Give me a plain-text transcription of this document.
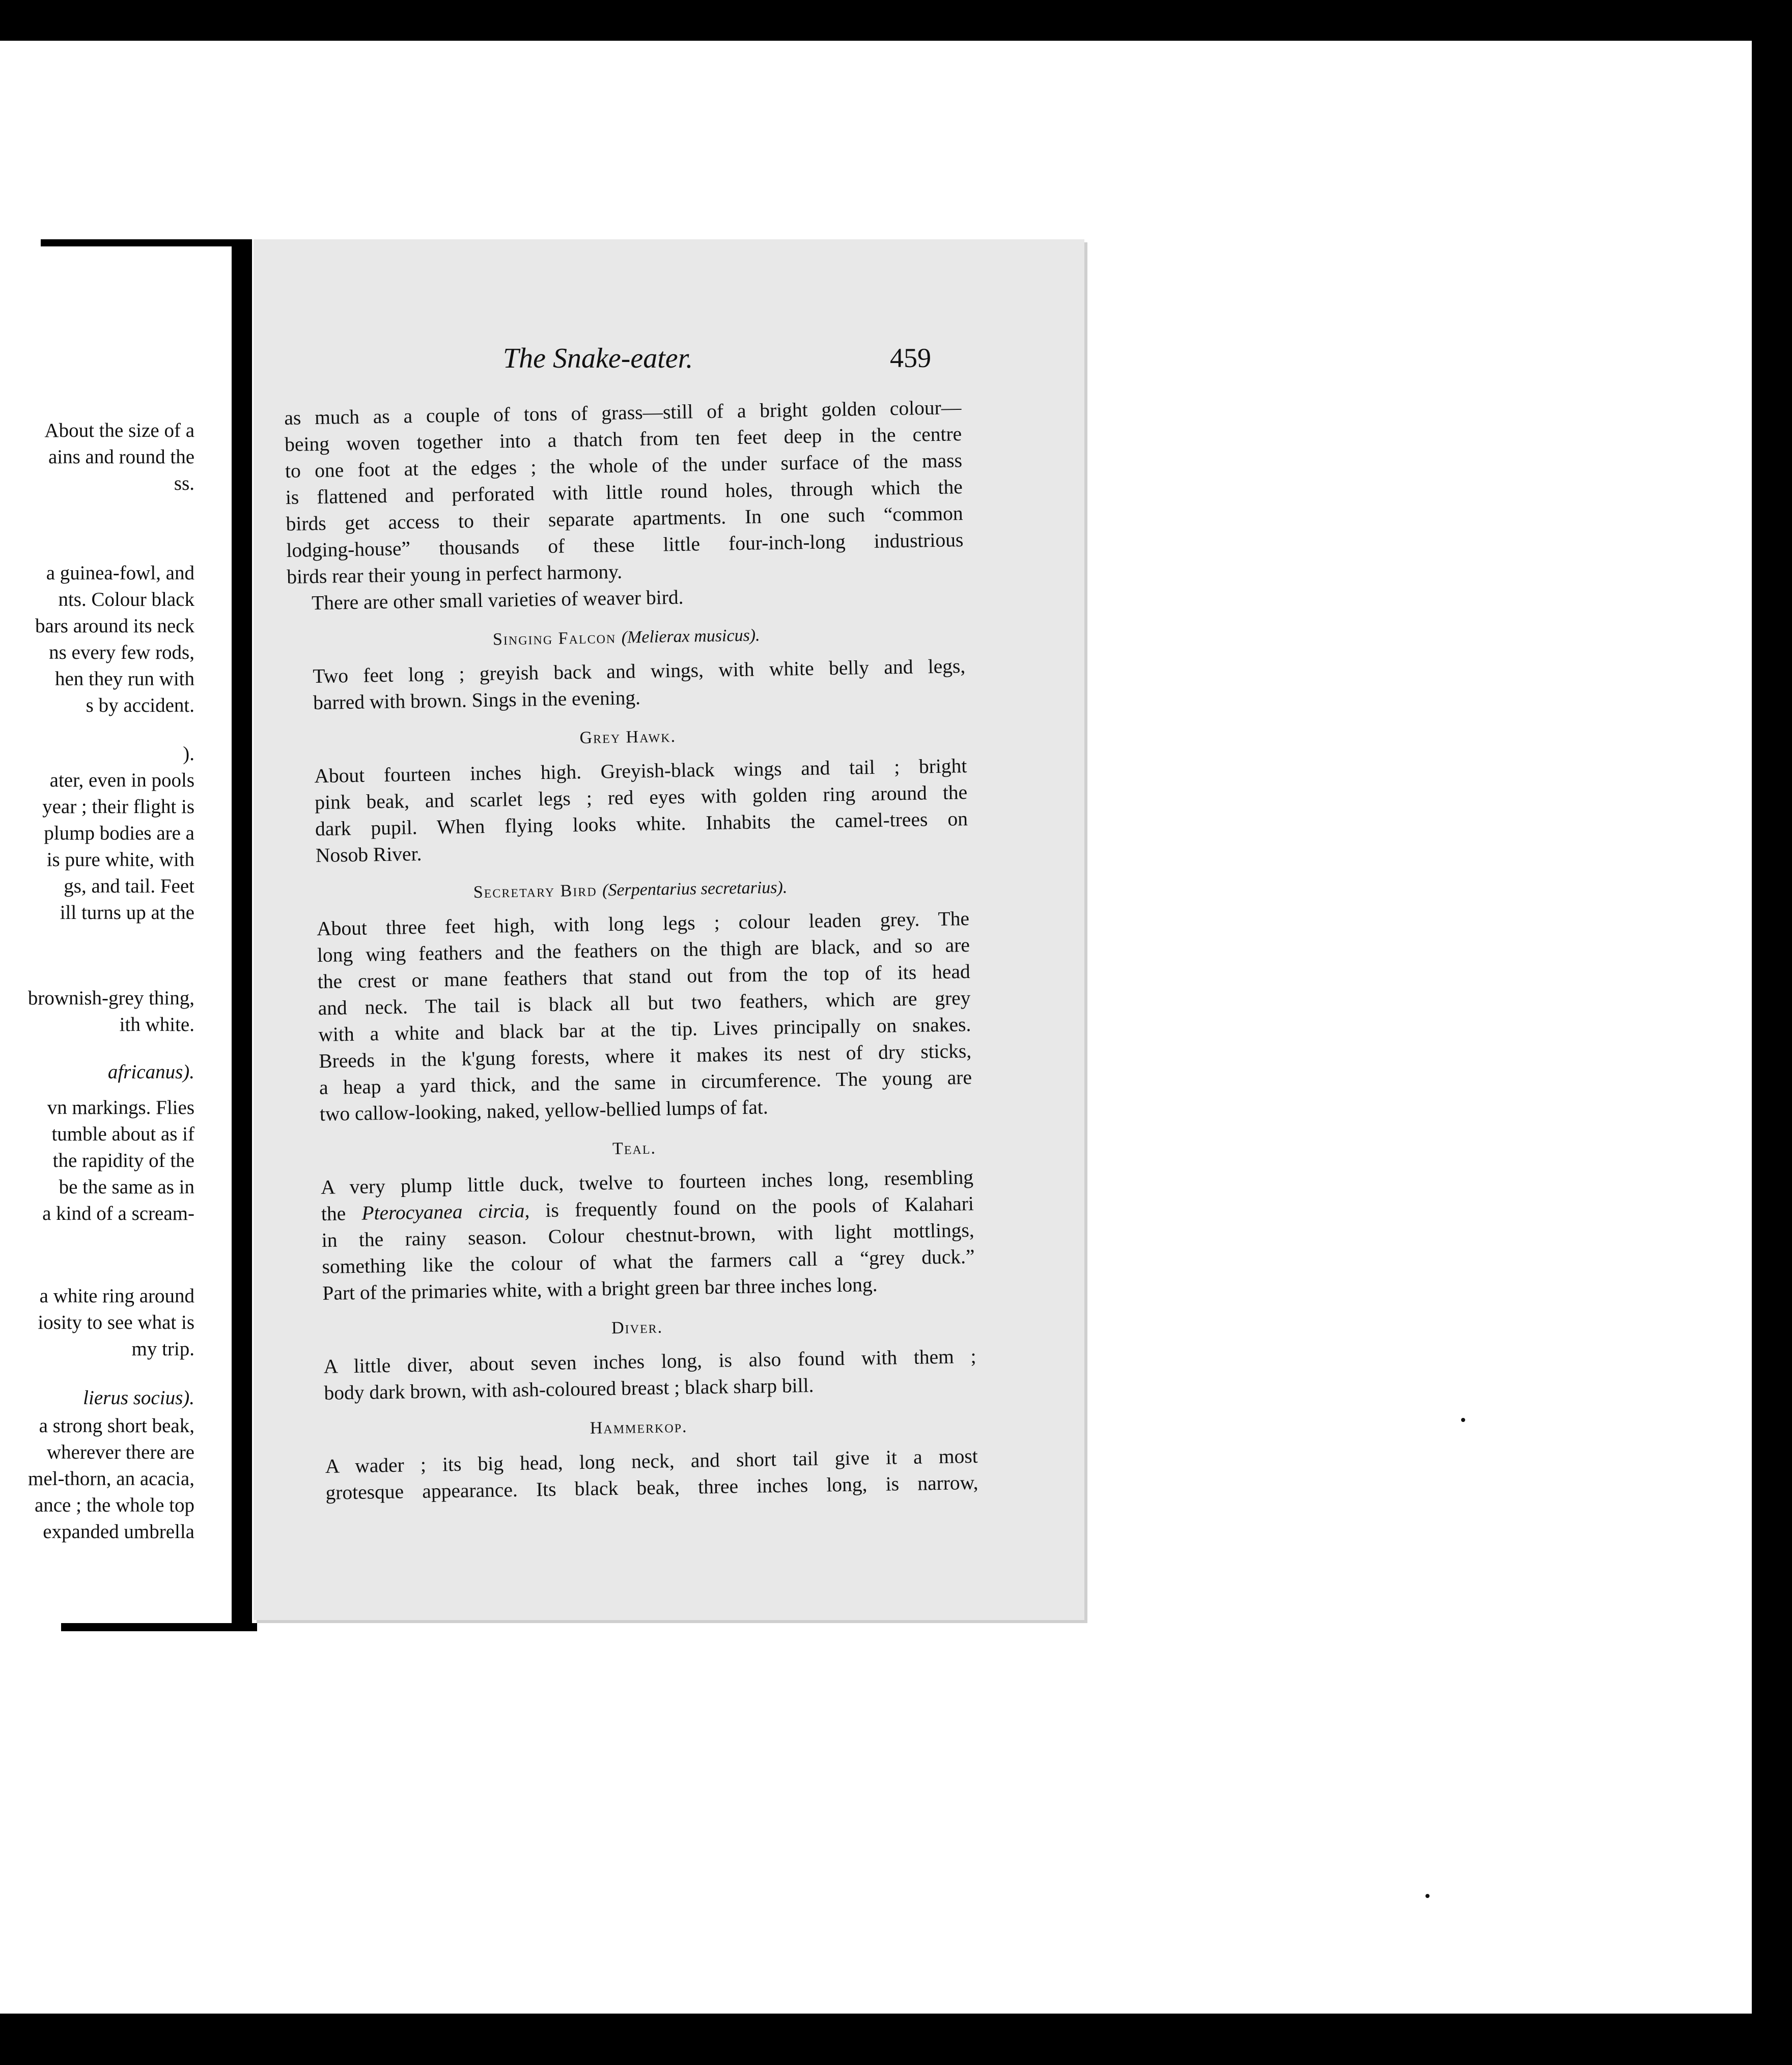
About the size of a
ains and round the
ss.
a guinea-fowl, and
nts. Colour black
bars around its neck
ns every few rods,
hen they run with
s by accident.
).
ater, even in pools
year ; their flight is
plump bodies are a
is pure white, with
gs, and tail. Feet
ill turns up at the
brownish-grey thing,
ith white.
africanus).
vn markings. Flies
tumble about as if
the rapidity of the
be the same as in
a kind of a scream-
a white ring around
iosity to see what is
my trip.
lierus socius).
a strong short beak,
wherever there are
mel-thorn, an acacia,
ance ; the whole top
expanded umbrella
The Snake-eater.	459

as much as a couple of tons of grass—still of a bright golden colour—
being woven together into a thatch from ten feet deep in the centre
to one foot at the edges ; the whole of the under surface of the mass
is flattened and perforated with little round holes, through which the
birds get access to their separate apartments. In one such “common
lodging-house” thousands of these little four-inch-long industrious
birds rear their young in perfect harmony.

There are other small varieties of weaver bird.

Singing Falcon (Melierax musicus).

Two feet long ; greyish back and wings, with white belly and legs,
barred with brown. Sings in the evening.

Grey Hawk.

About fourteen inches high. Greyish-black wings and tail ; bright
pink beak, and scarlet legs ; red eyes with golden ring around the
dark pupil. When flying looks white. Inhabits the camel-trees on
Nosob River.

Secretary Bird (Serpentarius secretarius).

About three feet high, with long legs ; colour leaden grey. The
long wing feathers and the feathers on the thigh are black, and so are
the crest or mane feathers that stand out from the top of its head
and neck. The tail is black all but two feathers, which are grey
with a white and black bar at the tip. Lives principally on snakes.
Breeds in the k'gung forests, where it makes its nest of dry sticks,
a heap a yard thick, and the same in circumference. The young are
two callow-looking, naked, yellow-bellied lumps of fat.

Teal.

A very plump little duck, twelve to fourteen inches long, resembling
the Pterocyanea circia, is frequently found on the pools of Kalahari
in the rainy season. Colour chestnut-brown, with light mottlings,
something like the colour of what the farmers call a “grey duck.”
Part of the primaries white, with a bright green bar three inches long.

Diver.

A little diver, about seven inches long, is also found with them ;
body dark brown, with ash-coloured breast ; black sharp bill.

Hammerkop.

A wader ; its big head, long neck, and short tail give it a most
grotesque appearance. Its black beak, three inches long, is narrow,
